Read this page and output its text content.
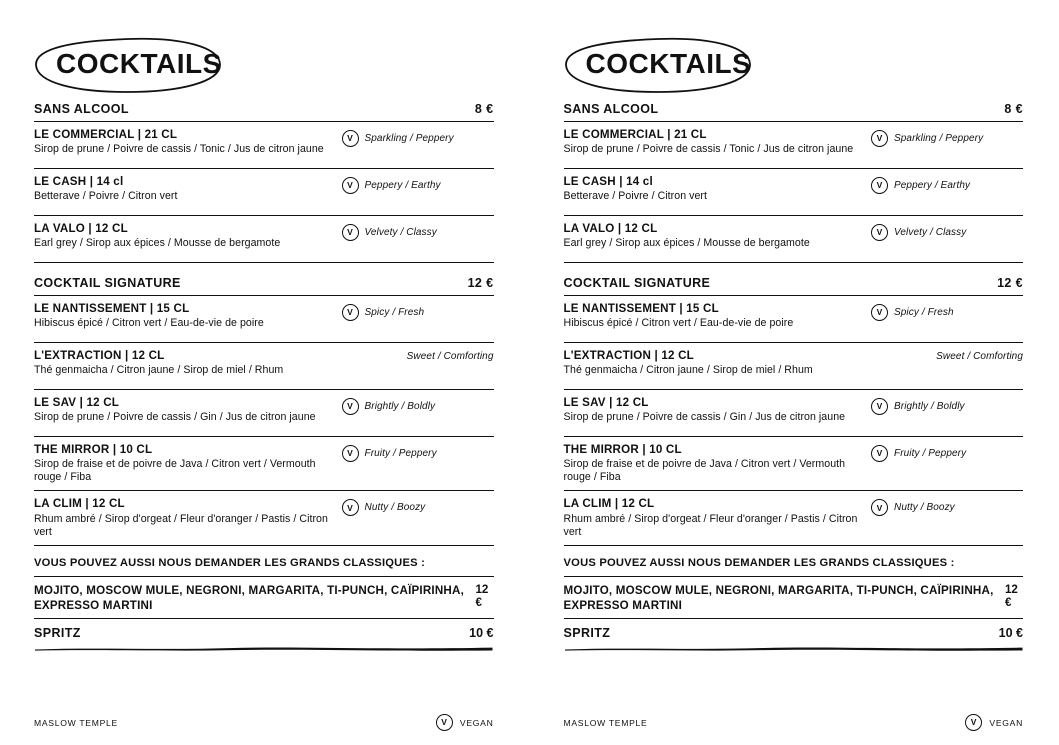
COCKTAILS
SANS ALCOOL	8 €
LE COMMERCIAL | 21 CL
Sirop de prune / Poivre de cassis / Tonic / Jus de citron jaune
V	Sparkling / Peppery
LE CASH | 14 cl
Betterave / Poivre / Citron vert
V	Peppery / Earthy
LA VALO | 12 CL
Earl grey / Sirop aux épices / Mousse de bergamote
V	Velvety / Classy
COCKTAIL SIGNATURE	12 €
LE NANTISSEMENT | 15 CL
Hibiscus épicé / Citron vert / Eau-de-vie de poire
V	Spicy / Fresh
L'EXTRACTION | 12 CL
Thé genmaicha / Citron jaune / Sirop de miel / Rhum
Sweet / Comforting
LE SAV | 12 CL
Sirop de prune / Poivre de cassis / Gin / Jus de citron jaune
V	Brightly / Boldly
THE MIRROR | 10 CL
Sirop de fraise et de poivre de Java / Citron vert / Vermouth rouge / Fiba
V	Fruity / Peppery
LA CLIM | 12 CL
Rhum ambré / Sirop d'orgeat / Fleur d'oranger / Pastis / Citron vert
V	Nutty / Boozy
VOUS POUVEZ AUSSI NOUS DEMANDER LES GRANDS CLASSIQUES :
MOJITO, MOSCOW MULE, NEGRONI, MARGARITA, TI-PUNCH, CAÏPIRINHA, EXPRESSO MARTINI
12 €
SPRITZ	10 €
MASLOW TEMPLE	V	VEGAN
COCKTAILS
SANS ALCOOL	8 €
LE COMMERCIAL | 21 CL
Sirop de prune / Poivre de cassis / Tonic / Jus de citron jaune
V	Sparkling / Peppery
LE CASH | 14 cl
Betterave / Poivre / Citron vert
V	Peppery / Earthy
LA VALO | 12 CL
Earl grey / Sirop aux épices / Mousse de bergamote
V	Velvety / Classy
COCKTAIL SIGNATURE	12 €
LE NANTISSEMENT | 15 CL
Hibiscus épicé / Citron vert / Eau-de-vie de poire
V	Spicy / Fresh
L'EXTRACTION | 12 CL
Thé genmaicha / Citron jaune / Sirop de miel / Rhum
Sweet / Comforting
LE SAV | 12 CL
Sirop de prune / Poivre de cassis / Gin / Jus de citron jaune
V	Brightly / Boldly
THE MIRROR | 10 CL
Sirop de fraise et de poivre de Java / Citron vert / Vermouth rouge / Fiba
V	Fruity / Peppery
LA CLIM | 12 CL
Rhum ambré / Sirop d'orgeat / Fleur d'oranger / Pastis / Citron vert
V	Nutty / Boozy
VOUS POUVEZ AUSSI NOUS DEMANDER LES GRANDS CLASSIQUES :
MOJITO, MOSCOW MULE, NEGRONI, MARGARITA, TI-PUNCH, CAÏPIRINHA, EXPRESSO MARTINI
12 €
SPRITZ	10 €
MASLOW TEMPLE	V	VEGAN
